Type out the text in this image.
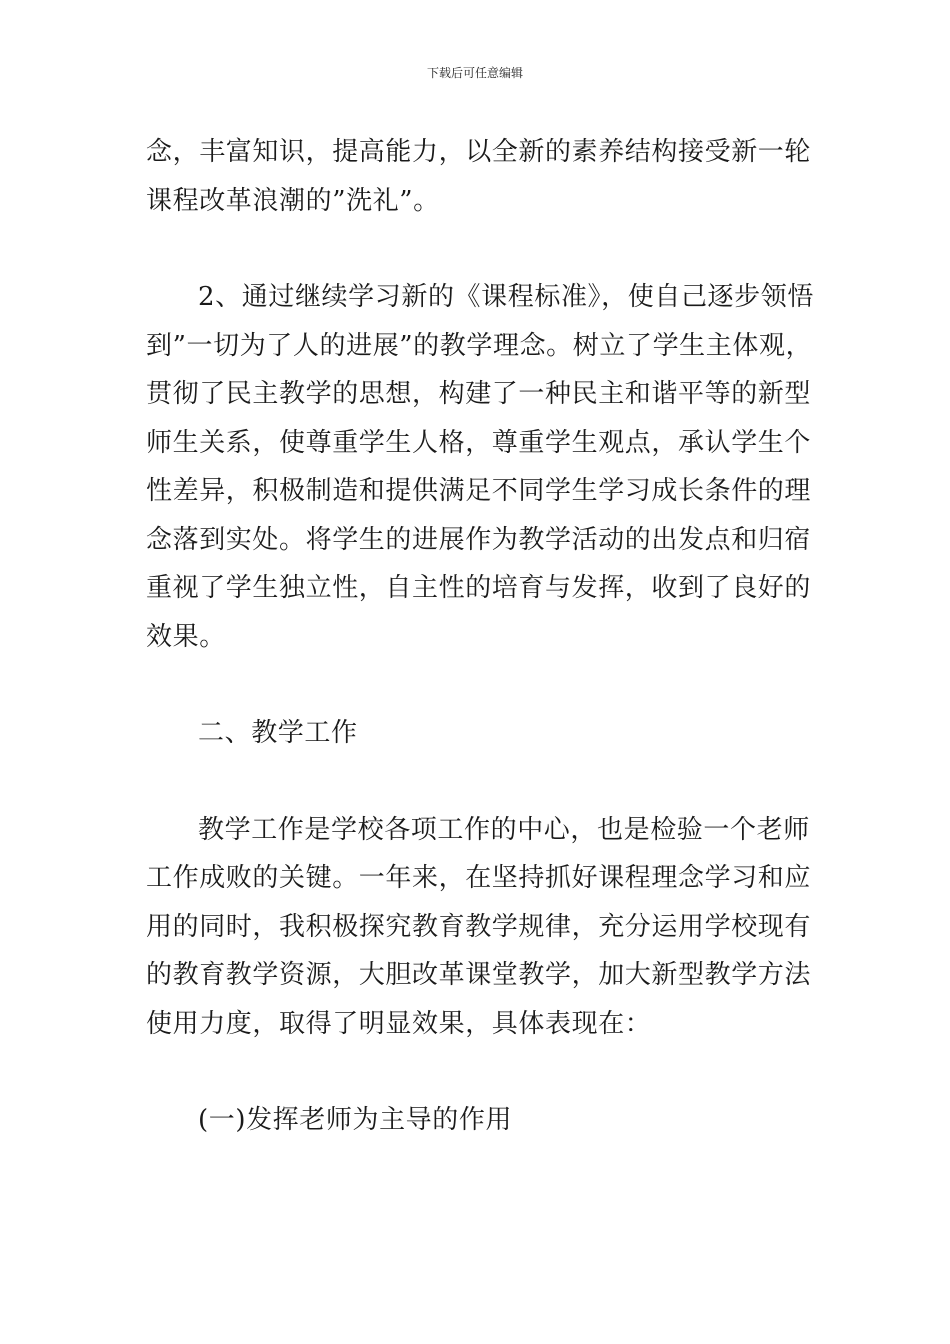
下载后可任意编辑

念，丰富知识，提高能力，以全新的素养结构接受新一轮
课程改革浪潮的”洗礼”。

2、通过继续学习新的《课程标准》，使自己逐步领悟
到”一切为了人的进展”的教学理念。树立了学生主体观，
贯彻了民主教学的思想，构建了一种民主和谐平等的新型
师生关系，使尊重学生人格，尊重学生观点，承认学生个
性差异，积极制造和提供满足不同学生学习成长条件的理
念落到实处。将学生的进展作为教学活动的出发点和归宿
重视了学生独立性，自主性的培育与发挥，收到了良好的
效果。

二、教学工作

教学工作是学校各项工作的中心，也是检验一个老师
工作成败的关键。一年来，在坚持抓好课程理念学习和应
用的同时，我积极探究教育教学规律，充分运用学校现有
的教育教学资源，大胆改革课堂教学，加大新型教学方法
使用力度，取得了明显效果，具体表现在：

(一)发挥老师为主导的作用
